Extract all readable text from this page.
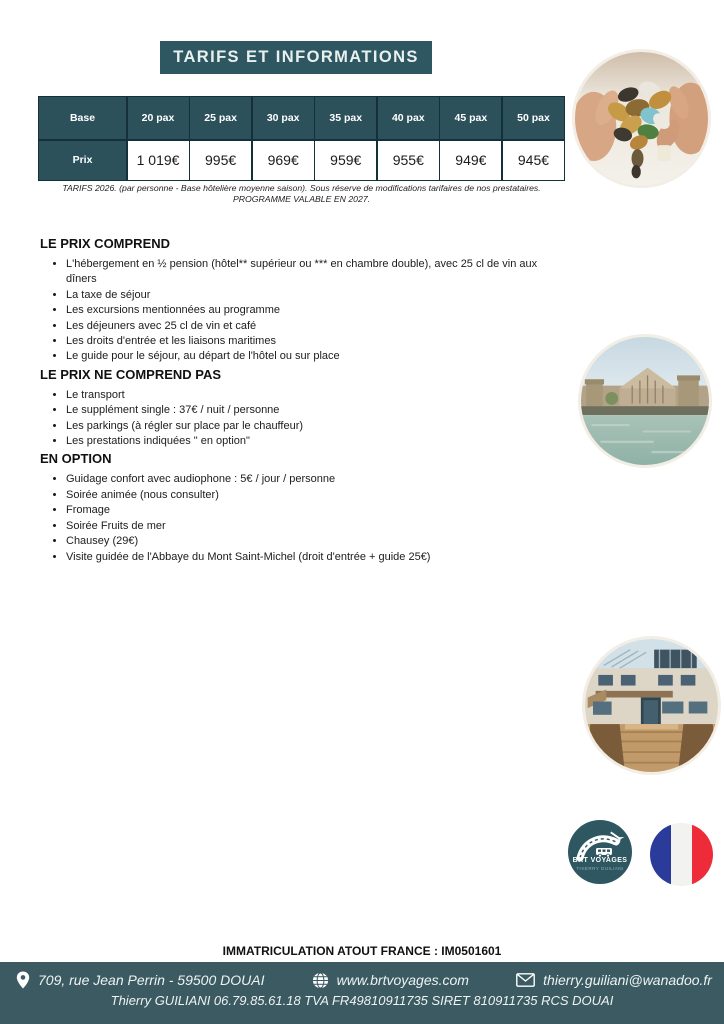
TARIFS ET INFORMATIONS
Base	20 pax	25 pax	30 pax	35 pax	40 pax	45 pax	50 pax
Prix	1 019€	995€	969€	959€	955€	949€	945€
TARIFS 2026. (par personne - Base hôtelière moyenne saison). Sous réserve de modifications tarifaires de nos prestataires.
PROGRAMME VALABLE EN 2027.
LE PRIX COMPREND
• L'hébergement en ½ pension (hôtel** supérieur ou *** en chambre double), avec 25 cl de vin aux dîners
• La taxe de séjour
• Les excursions mentionnées au programme
• Les déjeuners avec 25 cl de vin et café
• Les droits d'entrée et les liaisons maritimes
• Le guide pour le séjour, au départ de l'hôtel ou sur place
LE PRIX NE COMPREND PAS
• Le transport
• Le supplément single : 37€ / nuit / personne
• Les parkings (à régler sur place par le chauffeur)
• Les prestations indiquées " en option"
EN OPTION
• Guidage confort avec audiophone : 5€ / jour / personne
• Soirée animée (nous consulter)
• Fromage
• Soirée Fruits de mer
• Chausey (29€)
• Visite guidée de l'Abbaye du Mont Saint-Michel (droit d'entrée + guide 25€)
BRT VOYAGES
THIERRY GUILIANI
IMMATRICULATION ATOUT FRANCE : IM0501601
709, rue Jean Perrin - 59500 DOUAI	www.brtvoyages.com	thierry.guiliani@wanadoo.fr
Thierry GUILIANI 06.79.85.61.18 TVA FR49810911735 SIRET 810911735 RCS DOUAI
